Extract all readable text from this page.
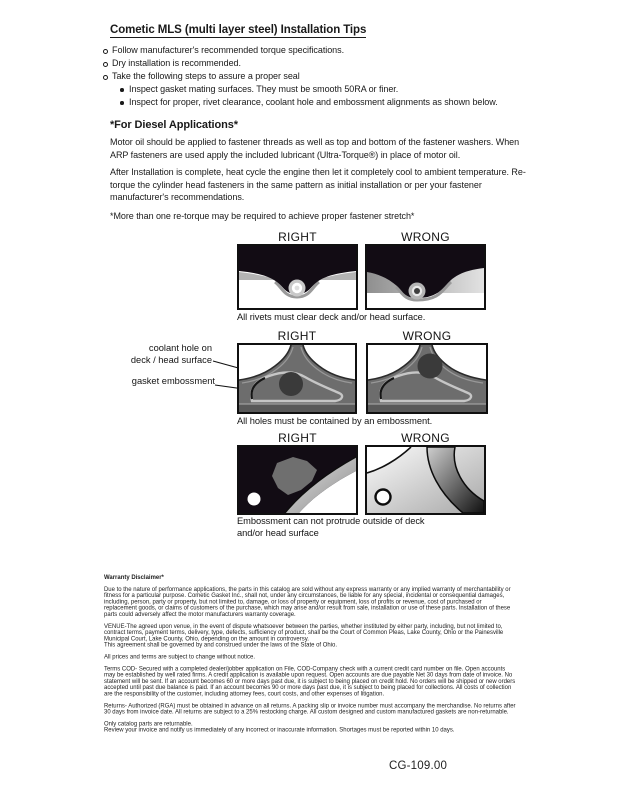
Cometic MLS (multi layer steel) Installation Tips
Follow manufacturer's recommended torque specifications.
Dry installation is recommended.
Take the following steps to assure a proper seal
Inspect gasket mating surfaces. They must be smooth 50RA or finer.
Inspect for proper, rivet clearance, coolant hole and embossment alignments as shown below.
*For Diesel Applications*
Motor oil should be applied to fastener threads as well as top and bottom of the fastener washers. When ARP fasteners are used apply the included lubricant (Ultra-Torque®) in place of motor oil.
After Installation is complete, heat cycle the engine then let it completely cool to ambient temperature. Re-torque the cylinder head fasteners in the same pattern as initial installation or per your fastener manufacturer's recommendations.
*More than one re-torque may be required to achieve proper fastener stretch*
RIGHT	WRONG
All rivets must clear deck and/or head surface.
RIGHT	WRONG
coolant hole on
deck / head surface
gasket embossment
All holes must be contained by an embossment.
RIGHT	WRONG
Embossment can not protrude outside of deck
and/or head surface

Warranty Disclaimer*

Due to the nature of performance applications, the parts in this catalog are sold without any express warranty or any implied warranty of merchantability or fitness for a particular purpose. Cometic Gasket Inc., shall not, under any circumstances, be liable for any special, incidental or consequential damages, including, person, party or property, but not limited to, damage, or loss of property or equipment, loss of profits or revenue, cost of purchased or replacement goods, or claims of customers of the purchase, which may arise and/or result from sale, installation or use of these parts. Installation of these parts could adversely affect the motor manufacturers warranty coverage.

VENUE-The agreed upon venue, in the event of dispute whatsoever between the parties, whether instituted by either party, including, but not limited to, contract terms, payment terms, delivery, type, defects, sufficiency of product, shall be the Court of Common Pleas, Lake County, Ohio or the Painesville Municipal Court, Lake County, Ohio, depending on the amount in controversy.

This agreement shall be governed by and construed under the laws of the State of Ohio.

All prices and terms are subject to change without notice.

Terms COD- Secured with a completed dealer/jobber application on File, COD-Company check with a current credit card number on file. Open accounts may be established by well rated firms. A credit application is available upon request. Open accounts are due payable Net 30 days from date of invoice. No statement will be sent. If an account becomes 60 or more days past due, it is subject to being placed on credit hold. No orders will be shipped or new orders accepted until past due balance is paid. If an account becomes 90 or more days past due, it is subject to being placed for collections. All costs of collection are the responsibility of the customer, including attorney fees, court costs, and other expenses of litigation.

Returns- Authorized (RGA) must be obtained in advance on all returns. A packing slip or invoice number must accompany the merchandise. No returns after 30 days from invoice date. All returns are subject to a 25% restocking charge. All custom designed and custom manufactured gaskets are non-returnable.

Only catalog parts are returnable.

Review your invoice and notify us immediately of any incorrect or inaccurate information. Shortages must be reported within 10 days.

CG-109.00
